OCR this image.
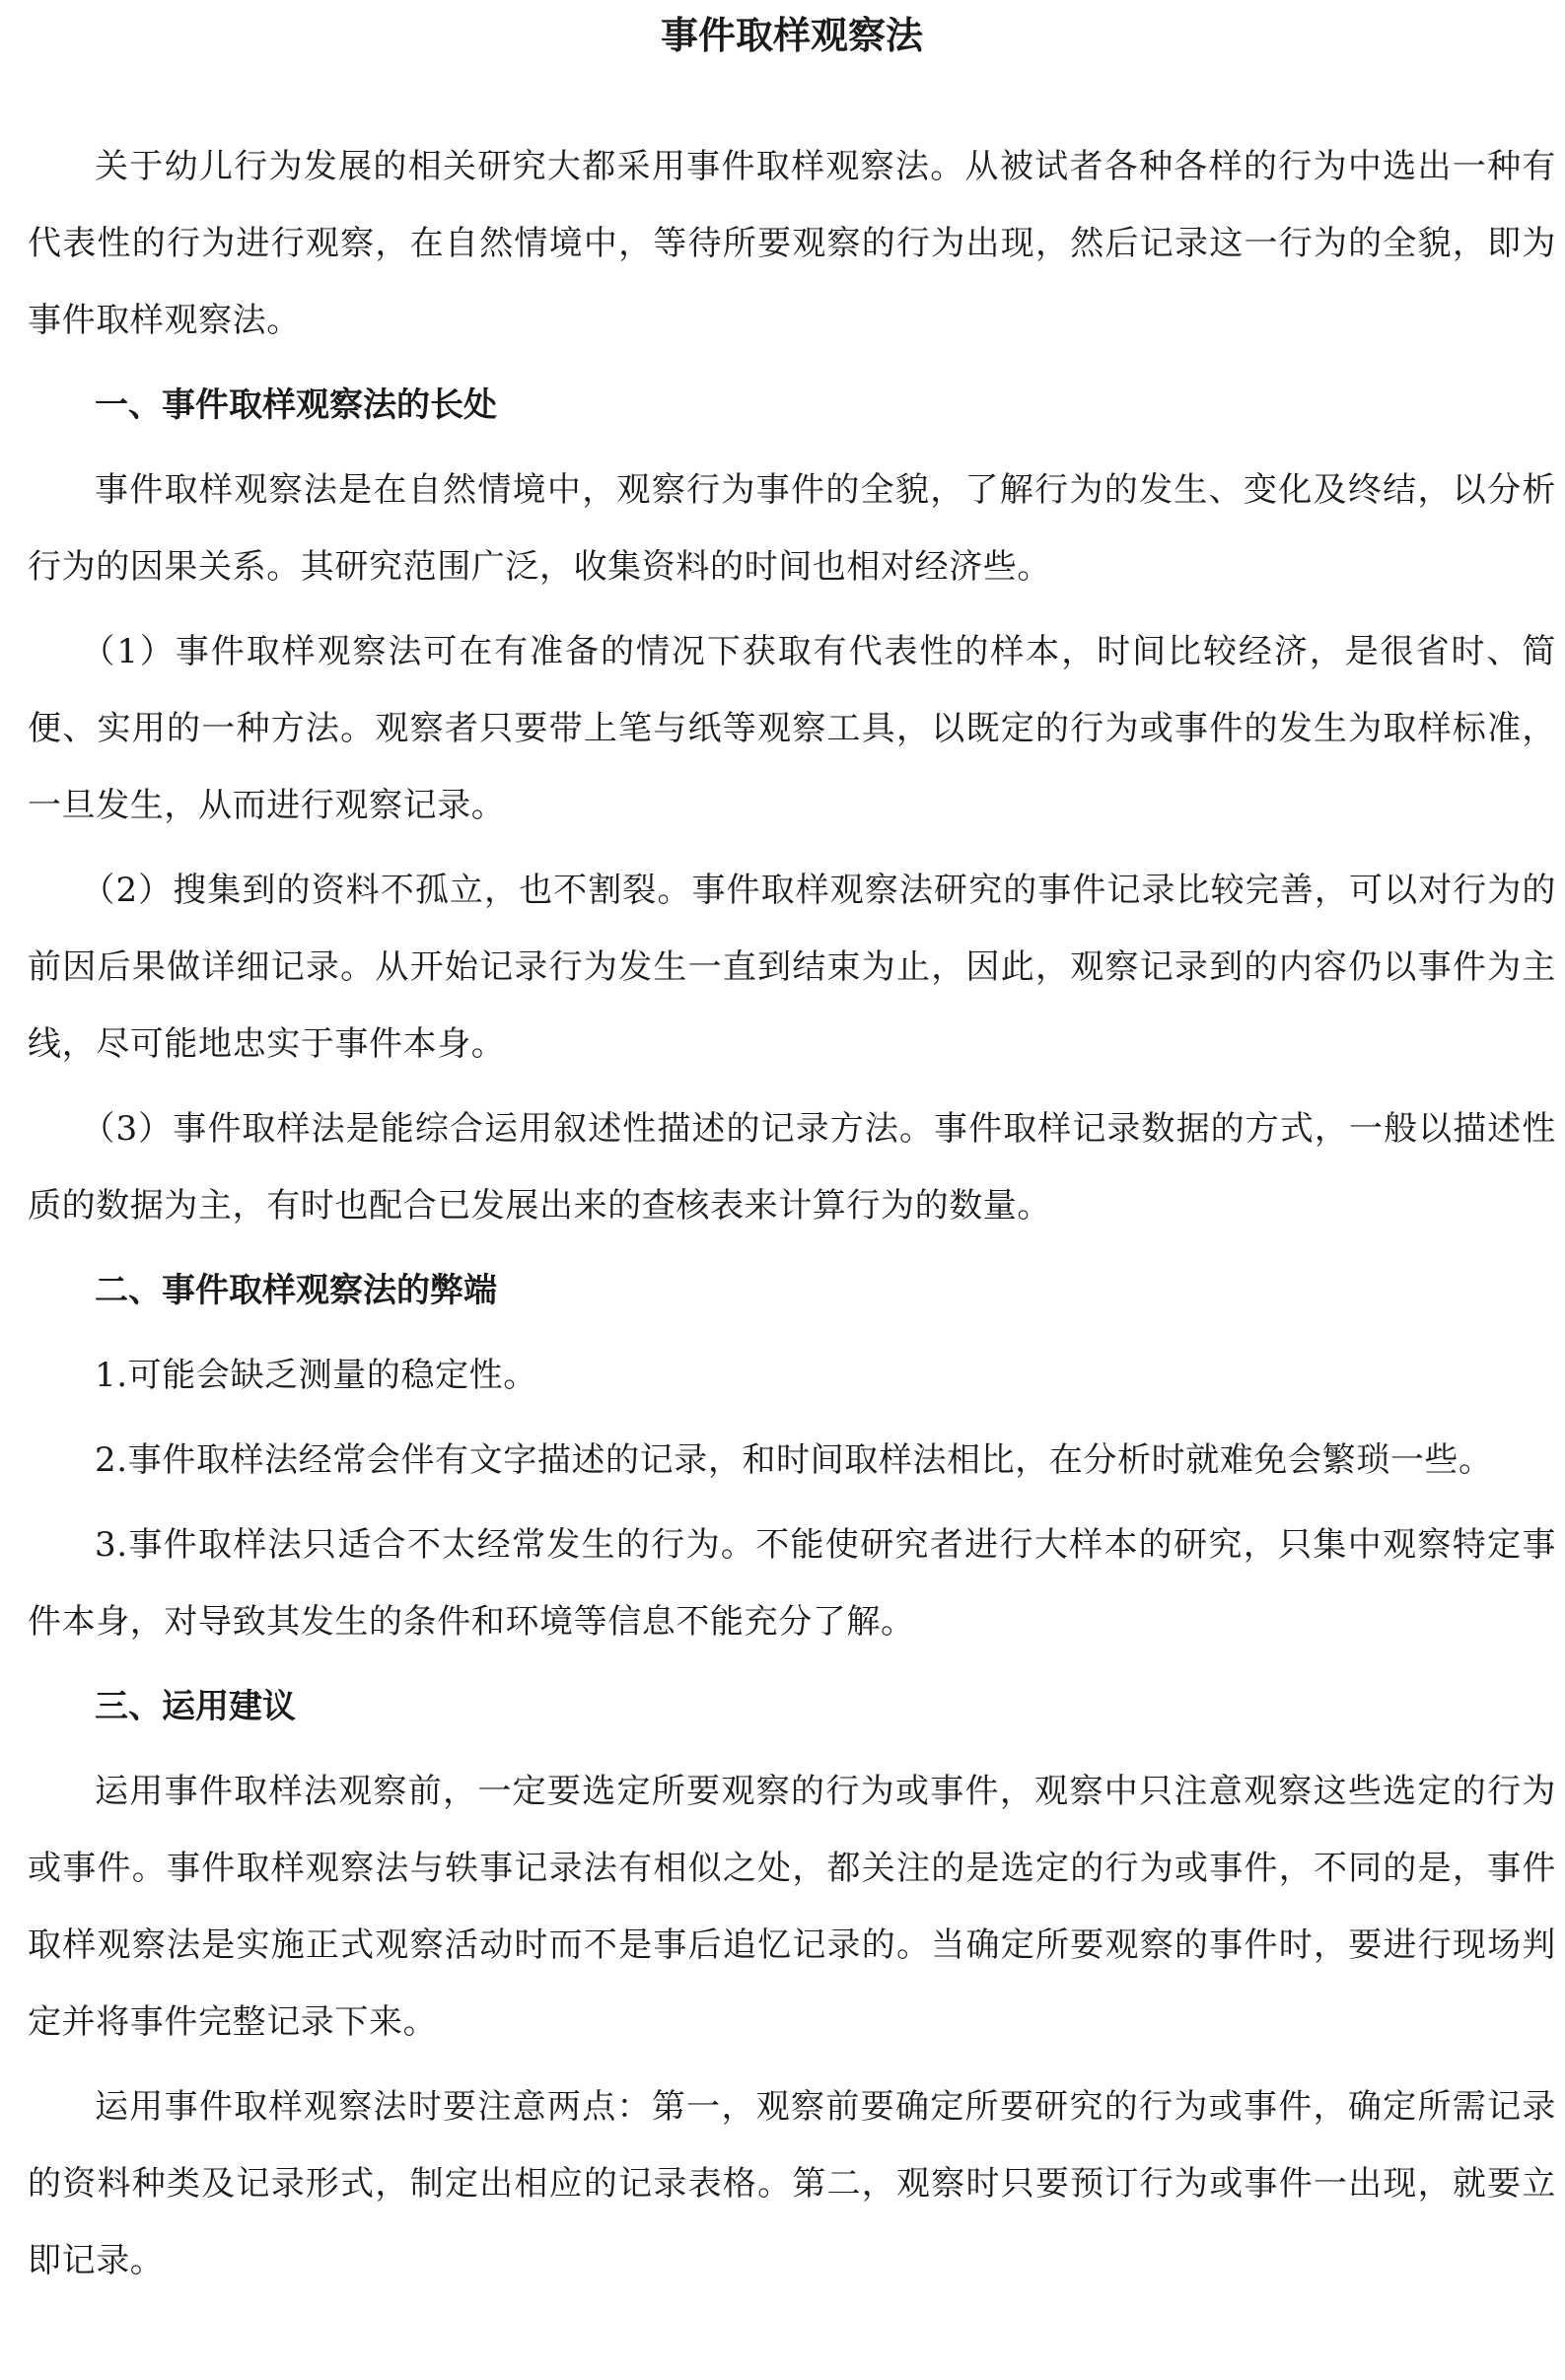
事件取样观察法

关于幼儿行为发展的相关研究大都采用事件取样观察法。从被试者各种各样的行为中选出一种有代表性的行为进行观察，在自然情境中，等待所要观察的行为出现，然后记录这一行为的全貌，即为事件取样观察法。

一、事件取样观察法的长处

事件取样观察法是在自然情境中，观察行为事件的全貌，了解行为的发生、变化及终结，以分析行为的因果关系。其研究范围广泛，收集资料的时间也相对经济些。

（1）事件取样观察法可在有准备的情况下获取有代表性的样本，时间比较经济，是很省时、简便、实用的一种方法。观察者只要带上笔与纸等观察工具，以既定的行为或事件的发生为取样标准，一旦发生，从而进行观察记录。

（2）搜集到的资料不孤立，也不割裂。事件取样观察法研究的事件记录比较完善，可以对行为的前因后果做详细记录。从开始记录行为发生一直到结束为止，因此，观察记录到的内容仍以事件为主线，尽可能地忠实于事件本身。

（3）事件取样法是能综合运用叙述性描述的记录方法。事件取样记录数据的方式，一般以描述性质的数据为主，有时也配合已发展出来的查核表来计算行为的数量。

二、事件取样观察法的弊端

1.可能会缺乏测量的稳定性。

2.事件取样法经常会伴有文字描述的记录，和时间取样法相比，在分析时就难免会繁琐一些。

3.事件取样法只适合不太经常发生的行为。不能使研究者进行大样本的研究，只集中观察特定事件本身，对导致其发生的条件和环境等信息不能充分了解。

三、运用建议

运用事件取样法观察前，一定要选定所要观察的行为或事件，观察中只注意观察这些选定的行为或事件。事件取样观察法与轶事记录法有相似之处，都关注的是选定的行为或事件，不同的是，事件取样观察法是实施正式观察活动时而不是事后追忆记录的。当确定所要观察的事件时，要进行现场判定并将事件完整记录下来。

运用事件取样观察法时要注意两点：第一，观察前要确定所要研究的行为或事件，确定所需记录的资料种类及记录形式，制定出相应的记录表格。第二，观察时只要预订行为或事件一出现，就要立即记录。
